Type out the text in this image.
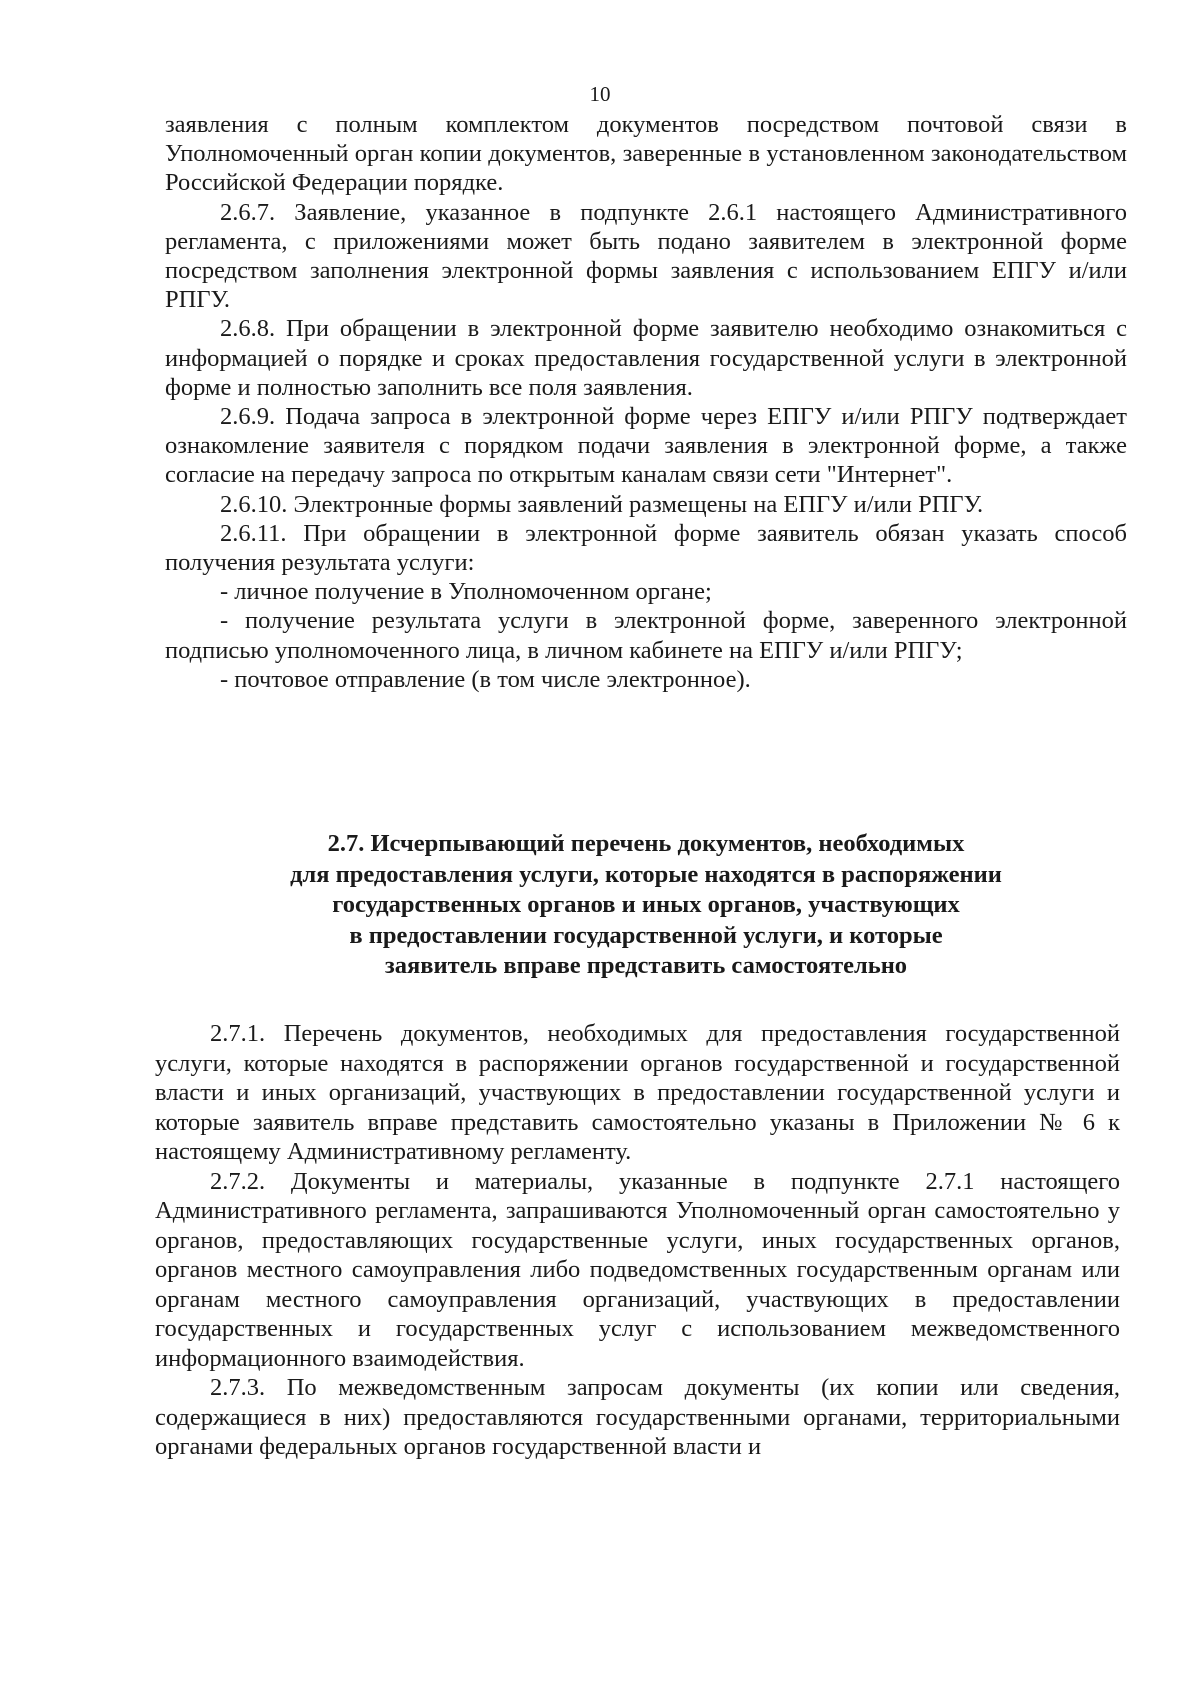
10

заявления с полным комплектом документов посредством почтовой связи в Уполномоченный орган копии документов, заверенные в установленном законодательством Российской Федерации порядке.

2.6.7. Заявление, указанное в подпункте 2.6.1 настоящего Административного регламента, с приложениями может быть подано заявителем в электронной форме посредством заполнения электронной формы заявления с использованием ЕПГУ и/или РПГУ.

2.6.8. При обращении в электронной форме заявителю необходимо ознакомиться с информацией о порядке и сроках предоставления государственной услуги в электронной форме и полностью заполнить все поля заявления.

2.6.9. Подача запроса в электронной форме через ЕПГУ и/или РПГУ подтверждает ознакомление заявителя с порядком подачи заявления в электронной форме, а также согласие на передачу запроса по открытым каналам связи сети "Интернет".

2.6.10. Электронные формы заявлений размещены на ЕПГУ и/или РПГУ.

2.6.11. При обращении в электронной форме заявитель обязан указать способ получения результата услуги:

- личное получение в Уполномоченном органе;

- получение результата услуги в электронной форме, заверенного электронной подписью уполномоченного лица, в личном кабинете на ЕПГУ и/или РПГУ;

- почтовое отправление (в том числе электронное).

2.7. Исчерпывающий перечень документов, необходимых
для предоставления услуги, которые находятся в распоряжении
государственных органов и иных органов, участвующих
в предоставлении государственной услуги, и которые
заявитель вправе представить самостоятельно

2.7.1. Перечень документов, необходимых для предоставления государственной услуги, которые находятся в распоряжении органов государственной и государственной власти и иных организаций, участвующих в предоставлении государственной услуги и которые заявитель вправе представить самостоятельно указаны в Приложении № 6 к настоящему Административному регламенту.

2.7.2. Документы и материалы, указанные в подпункте 2.7.1 настоящего Административного регламента, запрашиваются Уполномоченный орган самостоятельно у органов, предоставляющих государственные услуги, иных государственных органов, органов местного самоуправления либо подведомственных государственным органам или органам местного самоуправления организаций, участвующих в предоставлении государственных и государственных услуг с использованием межведомственного информационного взаимодействия.

2.7.3. По межведомственным запросам документы (их копии или сведения, содержащиеся в них) предоставляются государственными органами, территориальными органами федеральных органов государственной власти и
